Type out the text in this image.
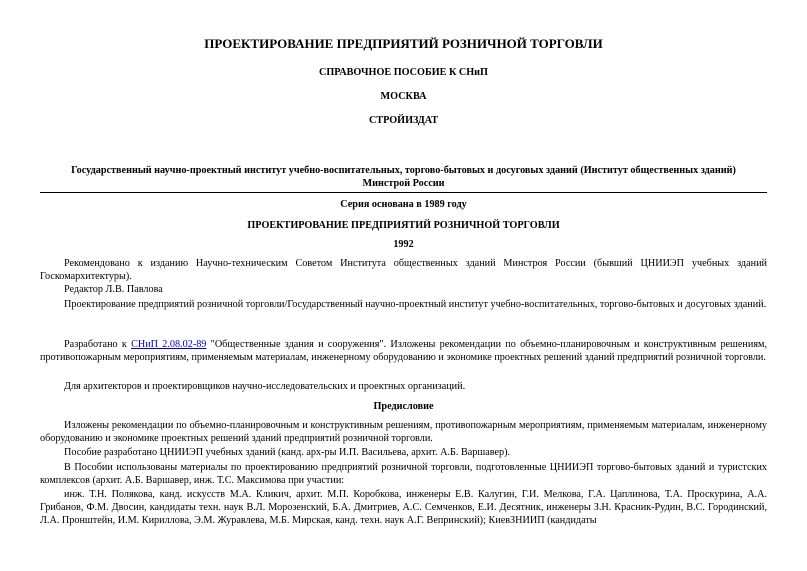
ПРОЕКТИРОВАНИЕ ПРЕДПРИЯТИЙ РОЗНИЧНОЙ ТОРГОВЛИ
СПРАВОЧНОЕ ПОСОБИЕ К СНиП
МОСКВА
СТРОЙИЗДАТ
Государственный научно-проектный институт учебно-воспитательных, торгово-бытовых и досуговых зданий (Институт общественных зданий)
Минстрой России
Серия основана в 1989 году
ПРОЕКТИРОВАНИЕ ПРЕДПРИЯТИЙ РОЗНИЧНОЙ ТОРГОВЛИ
1992

Рекомендовано к изданию Научно-техническим Советом Института общественных зданий Минстроя России (бывший ЦНИИЭП учебных зданий Госкомархитектуры).

Редактор Л.В. Павлова

Проектирование предприятий розничной торговли/Государственный научно-проектный институт учебно-воспитательных, торгово-бытовых и досуговых зданий.

Разработано к СНиП 2.08.02-89 "Общественные здания и сооружения". Изложены рекомендации по объемно-планировочным и конструктивным решениям, противопожарным мероприятиям, применяемым материалам, инженерному оборудованию и экономике проектных решений зданий предприятий розничной торговли.

Для архитекторов и проектировщиков научно-исследовательских и проектных организаций.

Предисловие

Изложены рекомендации по объемно-планировочным и конструктивным решениям, противопожарным мероприятиям, применяемым материалам, инженерному оборудованию и экономике проектных решений зданий предприятий розничной торговли.

Пособие разработано ЦНИИЭП учебных зданий (канд. арх-ры И.П. Васильева, архит. А.Б. Варшавер).

В Пособии использованы материалы по проектированию предприятий розничной торговли, подготовленные ЦНИИЭП торгово-бытовых зданий и туристских комплексов (архит. А.Б. Варшавер, инж. Т.С. Максимова при участии:

инж. Т.Н. Полякова, канд. искусств М.А. Кликич, архит. М.П. Коробкова, инженеры Е.В. Калугин, Г.И. Мелкова, Г.А. Цаплинова, Т.А. Проскурина, А.А. Грибанов, Ф.М. Двосин, кандидаты техн. наук В.Л. Морозенский, Б.А. Дмитриев, А.С. Семченков, Е.И. Десятник, инженеры З.Н. Красник-Рудин, В.С. Городинский, Л.А. Пронштейн, И.М. Кириллова, Э.М. Журавлева, М.Б. Мирская, канд. техн. наук А.Г. Вепринский); КиевЗНИИП (кандидаты
